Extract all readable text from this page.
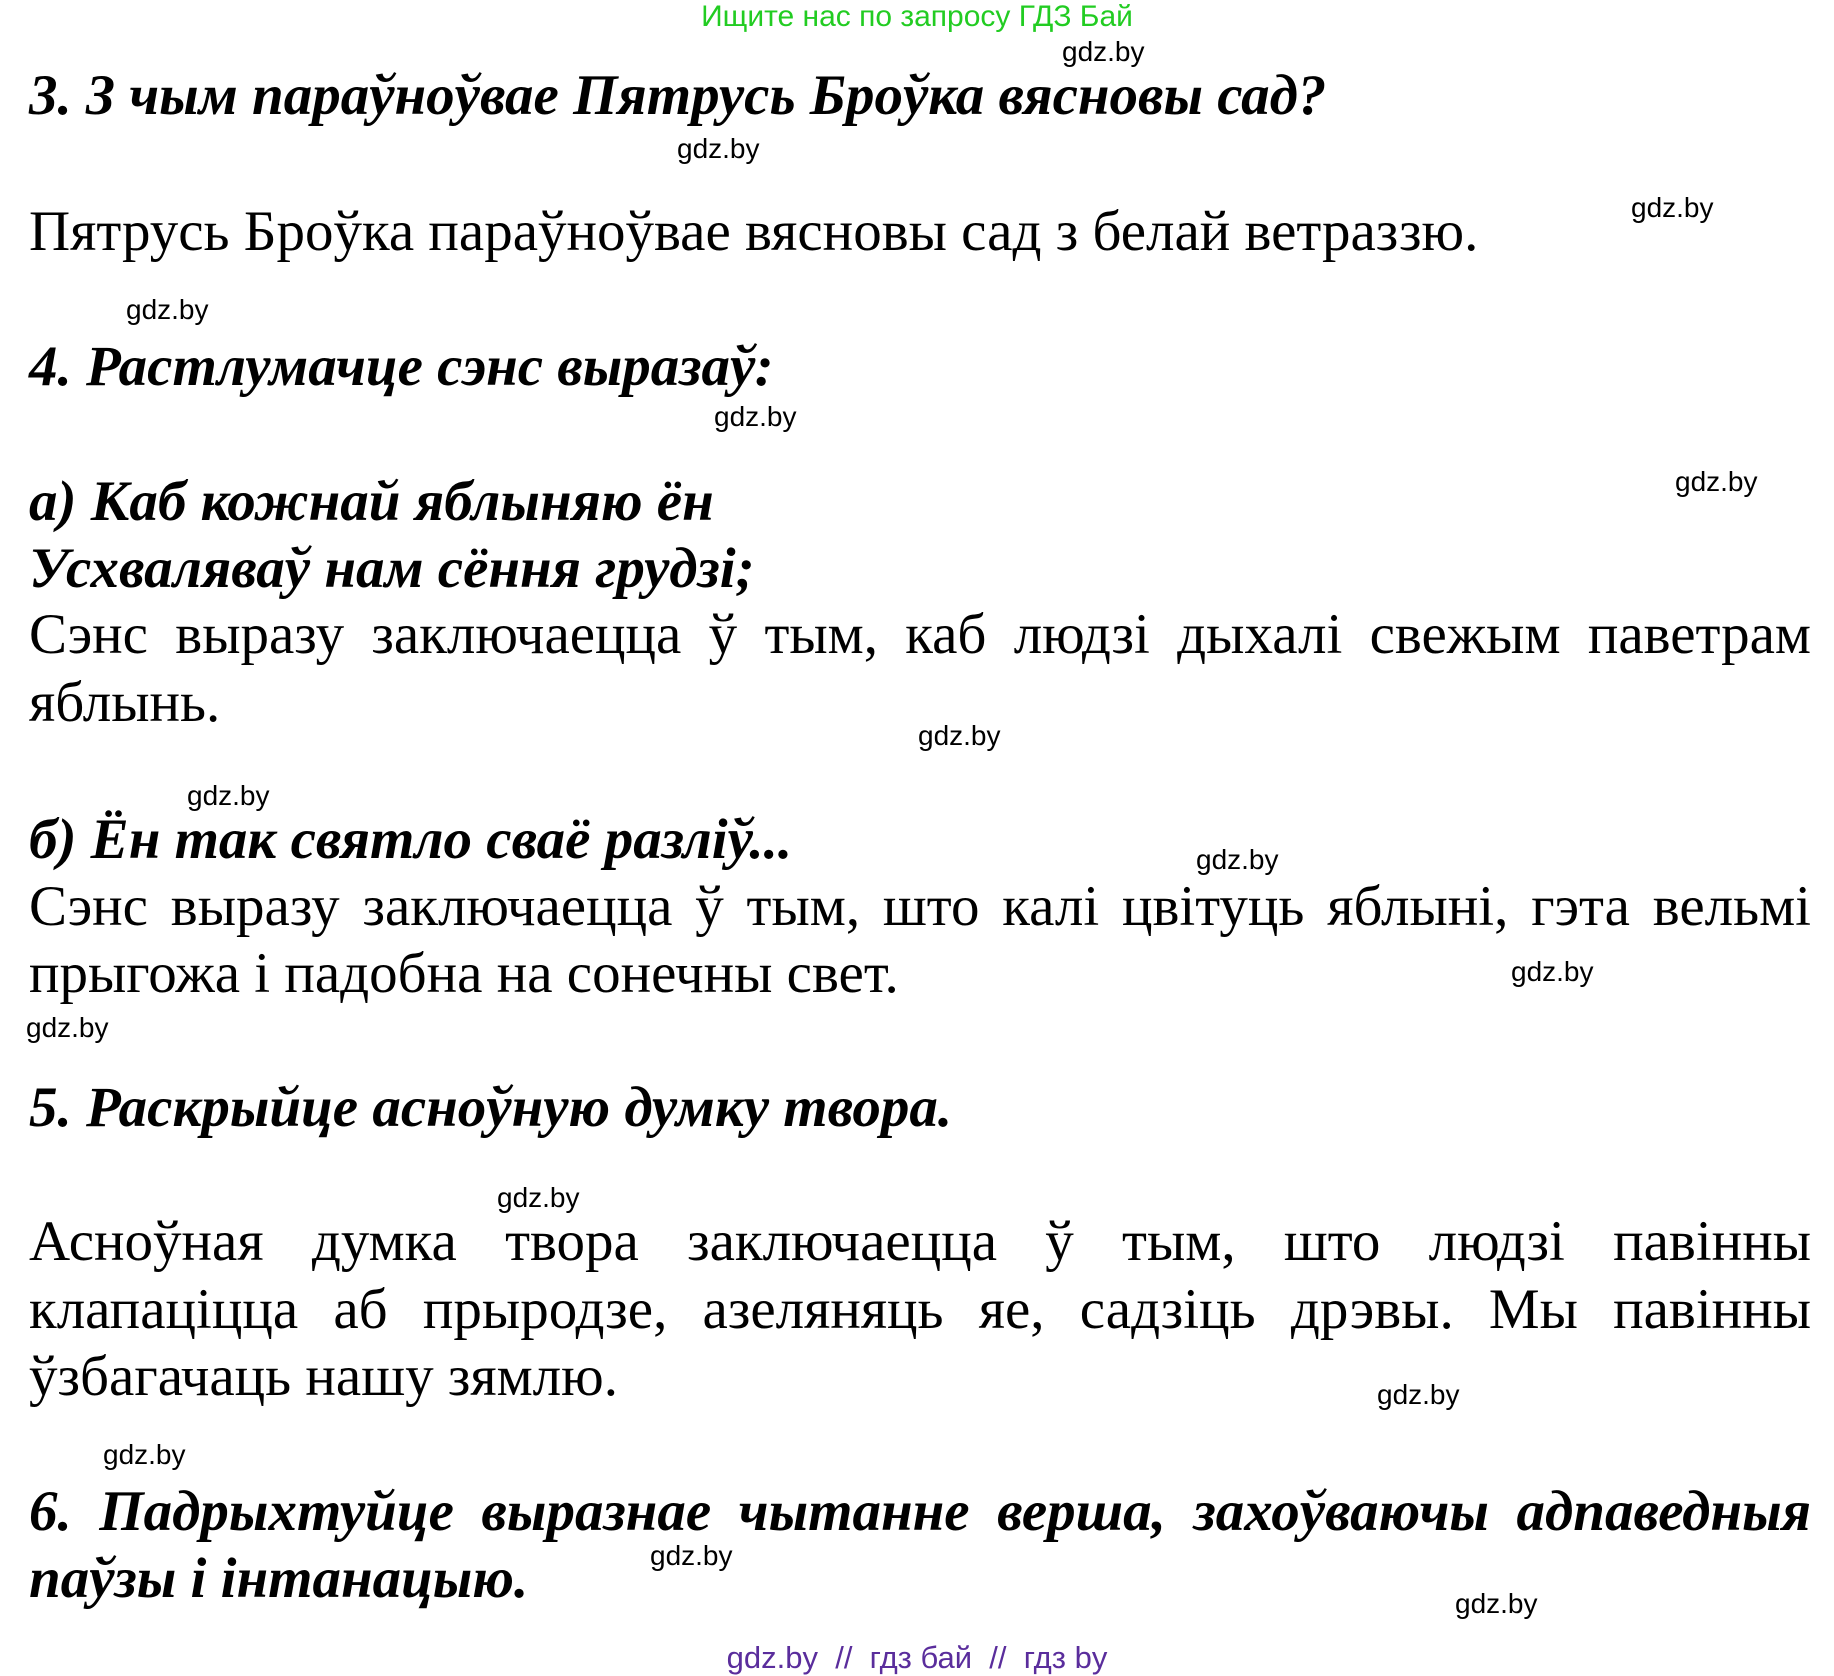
Ищите нас по запросу ГДЗ Бай
3. З чым параўноўвае Пятрусь Броўка вясновы сад?
Пятрусь Броўка параўноўвае вясновы сад з белай ветраззю.
4. Растлумачце сэнс выразаў:
а) Каб кожнай яблыняю ён
Усхваляваў нам сёння грудзі;
Сэнс выразу заключаецца ў тым, каб людзі дыхалі свежым паветрам
яблынь.
б) Ён так святло сваё разліў...
Сэнс выразу заключаецца ў тым, што калі цвітуць яблыні, гэта вельмі
прыгожа і падобна на сонечны свет.
5. Раскрыйце асноўную думку твора.
Асноўная думка твора заключаецца ў тым, што людзі павінны
клапаціцца аб прыродзе, азеляняць яе, садзіць дрэвы. Мы павінны
ўзбагачаць нашу зямлю.
6. Падрыхтуйце выразнае чытанне верша, захоўваючы адпаведныя
паўзы і інтанацыю.
gdz.by
gdz.by
gdz.by
gdz.by
gdz.by
gdz.by
gdz.by
gdz.by
gdz.by
gdz.by
gdz.by
gdz.by
gdz.by
gdz.by
gdz.by
gdz.by
gdz.by  //  гдз бай  //  гдз by
